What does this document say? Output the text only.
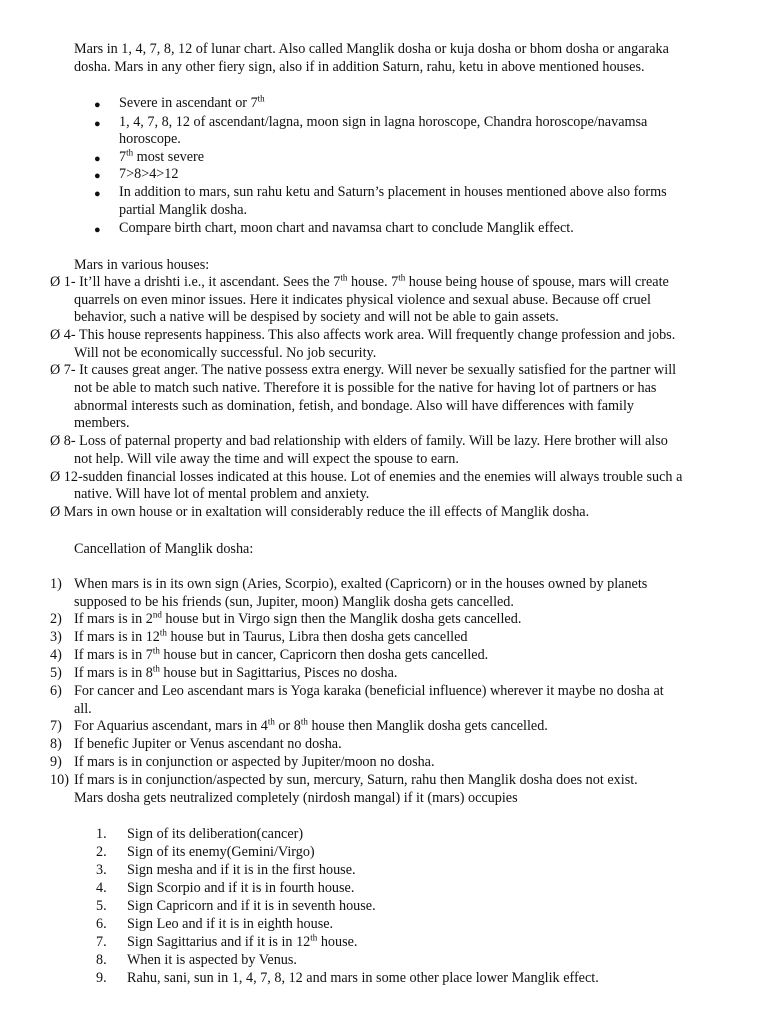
Mars in 1, 4, 7, 8, 12 of lunar chart. Also called Manglik dosha or kuja dosha or bhom dosha or angaraka
dosha. Mars in any other fiery sign, also if in addition Saturn, rahu, ketu in above mentioned houses.
● Severe in ascendant or 7th
● 1, 4, 7, 8, 12 of ascendant/lagna, moon sign in lagna horoscope, Chandra horoscope/navamsa
horoscope.
● 7th most severe
● 7>8>4>12
● In addition to mars, sun rahu ketu and Saturn’s placement in houses mentioned above also forms
partial Manglik dosha.
● Compare birth chart, moon chart and navamsa chart to conclude Manglik effect.
Mars in various houses:
Ø 1- It’ll have a drishti i.e., it ascendant. Sees the 7th house. 7th house being house of spouse, mars will create
quarrels on even minor issues. Here it indicates physical violence and sexual abuse. Because off cruel
behavior, such a native will be despised by society and will not be able to gain assets.
Ø 4- This house represents happiness. This also affects work area. Will frequently change profession and jobs.
Will not be economically successful. No job security.
Ø 7- It causes great anger. The native possess extra energy. Will never be sexually satisfied for the partner will
not be able to match such native. Therefore it is possible for the native for having lot of partners or has
abnormal interests such as domination, fetish, and bondage. Also will have differences with family
members.
Ø 8- Loss of paternal property and bad relationship with elders of family. Will be lazy. Here brother will also
not help. Will vile away the time and will expect the spouse to earn.
Ø 12-sudden financial losses indicated at this house. Lot of enemies and the enemies will always trouble such a
native. Will have lot of mental problem and anxiety.
Ø Mars in own house or in exaltation will considerably reduce the ill effects of Manglik dosha.
Cancellation of Manglik dosha:
1) When mars is in its own sign (Aries, Scorpio), exalted (Capricorn) or in the houses owned by planets
supposed to be his friends (sun, Jupiter, moon) Manglik dosha gets cancelled.
2) If mars is in 2nd house but in Virgo sign then the Manglik dosha gets cancelled.
3) If mars is in 12th house but in Taurus, Libra then dosha gets cancelled
4) If mars is in 7th house but in cancer, Capricorn then dosha gets cancelled.
5) If mars is in 8th house but in Sagittarius, Pisces no dosha.
6) For cancer and Leo ascendant mars is Yoga karaka (beneficial influence) wherever it maybe no dosha at
all.
7) For Aquarius ascendant, mars in 4th or 8th house then Manglik dosha gets cancelled.
8) If benefic Jupiter or Venus ascendant no dosha.
9) If mars is in conjunction or aspected by Jupiter/moon no dosha.
10) If mars is in conjunction/aspected by sun, mercury, Saturn, rahu then Manglik dosha does not exist.
Mars dosha gets neutralized completely (nirdosh mangal) if it (mars) occupies
1. Sign of its deliberation(cancer)
2. Sign of its enemy(Gemini/Virgo)
3. Sign mesha and if it is in the first house.
4. Sign Scorpio and if it is in fourth house.
5. Sign Capricorn and if it is in seventh house.
6. Sign Leo and if it is in eighth house.
7. Sign Sagittarius and if it is in 12th house.
8. When it is aspected by Venus.
9. Rahu, sani, sun in 1, 4, 7, 8, 12 and mars in some other place lower Manglik effect.
